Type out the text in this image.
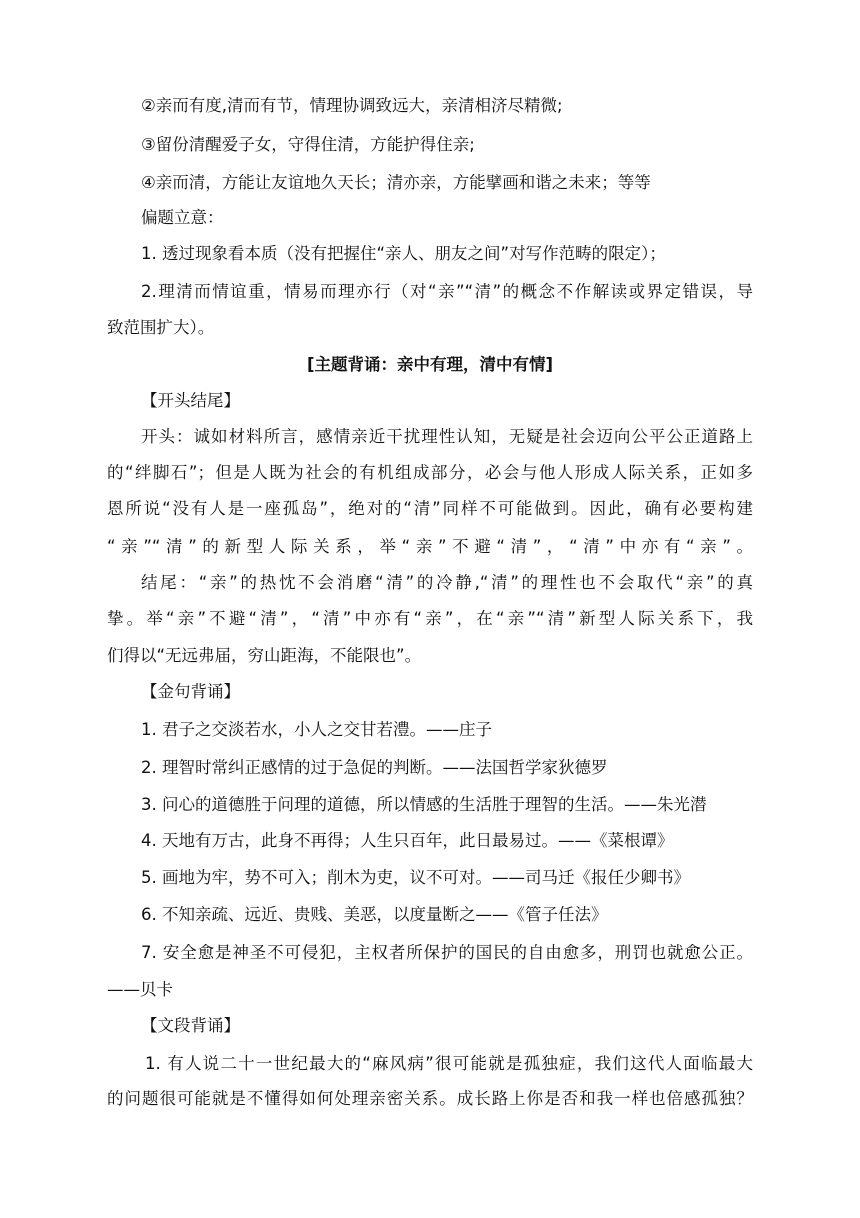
②亲而有度,清而有节，情理协调致远大，亲清相济尽精微;
③留份清醒爱子女，守得住清，方能护得住亲;
④亲而清，方能让友谊地久天长；清亦亲，方能擘画和谐之未来；等等
偏题立意：
1. 透过现象看本质（没有把握住“亲人、朋友之间”对写作范畴的限定）；
2.理清而情谊重，情易而理亦行（对“亲”“清”的概念不作解读或界定错误，导
致范围扩大）。
[主题背诵：亲中有理，清中有情]
【开头结尾】
开头：诚如材料所言，感情亲近干扰理性认知，无疑是社会迈向公平公正道路上
的“绊脚石”；但是人既为社会的有机组成部分，必会与他人形成人际关系，正如多
恩所说“没有人是一座孤岛”，绝对的“清”同样不可能做到。因此，确有必要构建
“亲”“清”的新型人际关系，举“亲”不避“清”，“清”中亦有“亲”。
结尾：“亲”的热忱不会消磨“清”的冷静,“清”的理性也不会取代“亲”的真
挚。举“亲”不避“清”，“清”中亦有“亲”，在“亲”“清”新型人际关系下，我
们得以“无远弗届，穷山距海，不能限也”。
【金句背诵】
1. 君子之交淡若水，小人之交甘若澧。——庄子
2. 理智时常纠正感情的过于急促的判断。——法国哲学家狄德罗
3. 问心的道德胜于问理的道德，所以情感的生活胜于理智的生活。——朱光潜
4. 天地有万古，此身不再得；人生只百年，此日最易过。——《菜根谭》
5. 画地为牢，势不可入；削木为吏，议不可对。——司马迁《报任少卿书》
6. 不知亲疏、远近、贵贱、美恶，以度量断之——《管子任法》
7. 安全愈是神圣不可侵犯，主权者所保护的国民的自由愈多，刑罚也就愈公正。
——贝卡
【文段背诵】
1. 有人说二十一世纪最大的“麻风病”很可能就是孤独症，我们这代人面临最大
的问题很可能就是不懂得如何处理亲密关系。成长路上你是否和我一样也倍感孤独？
